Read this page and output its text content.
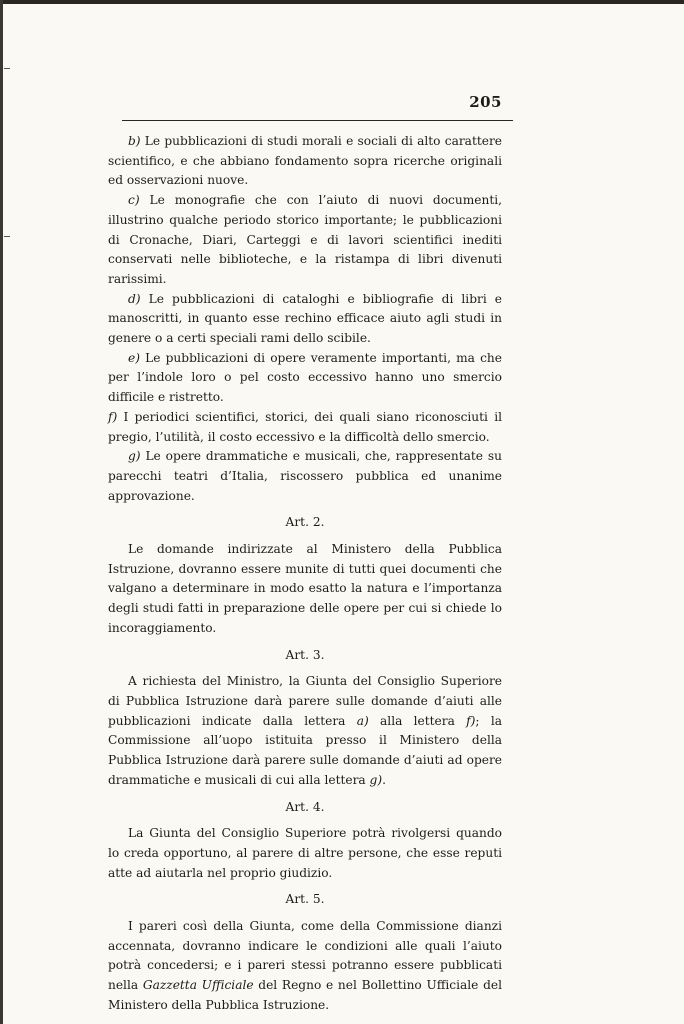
205

b) Le pubblicazioni di studi morali e sociali di alto carattere scientifico, e che abbiano fondamento sopra ricerche originali ed osservazioni nuove.

c) Le monografie che con l’aiuto di nuovi documenti, illustrino qualche periodo storico importante; le pubblicazioni di Cronache, Diari, Carteggi e di lavori scientifici inediti conservati nelle biblioteche, e la ristampa di libri divenuti rarissimi.

d) Le pubblicazioni di cataloghi e bibliografie di libri e manoscritti, in quanto esse rechino efficace aiuto agli studi in genere o a certi speciali rami dello scibile.

e) Le pubblicazioni di opere veramente importanti, ma che per l’indole loro o pel costo eccessivo hanno uno smercio difficile e ristretto.

f) I periodici scientifici, storici, dei quali siano riconosciuti il pregio, l’utilità, il costo eccessivo e la difficoltà dello smercio.

g) Le opere drammatiche e musicali, che, rappresentate su parecchi teatri d’Italia, riscossero pubblica ed unanime approvazione.

Art. 2.

Le domande indirizzate al Ministero della Pubblica Istruzione, dovranno essere munite di tutti quei documenti che valgano a determinare in modo esatto la natura e l’importanza degli studi fatti in preparazione delle opere per cui si chiede lo incoraggiamento.

Art. 3.

A richiesta del Ministro, la Giunta del Consiglio Superiore di Pubblica Istruzione darà parere sulle domande d’aiuti alle pubblicazioni indicate dalla lettera a) alla lettera f); la Commissione all’uopo istituita presso il Ministero della Pubblica Istruzione darà parere sulle domande d’aiuti ad opere drammatiche e musicali di cui alla lettera g).

Art. 4.

La Giunta del Consiglio Superiore potrà rivolgersi quando lo creda opportuno, al parere di altre persone, che esse reputi atte ad aiutarla nel proprio giudizio.

Art. 5.

I pareri così della Giunta, come della Commissione dianzi accennata, dovranno indicare le condizioni alle quali l’aiuto potrà concedersi; e i pareri stessi potranno essere pubblicati nella Gazzetta Ufficiale del Regno e nel Bollettino Ufficiale del Ministero della Pubblica Istruzione.
